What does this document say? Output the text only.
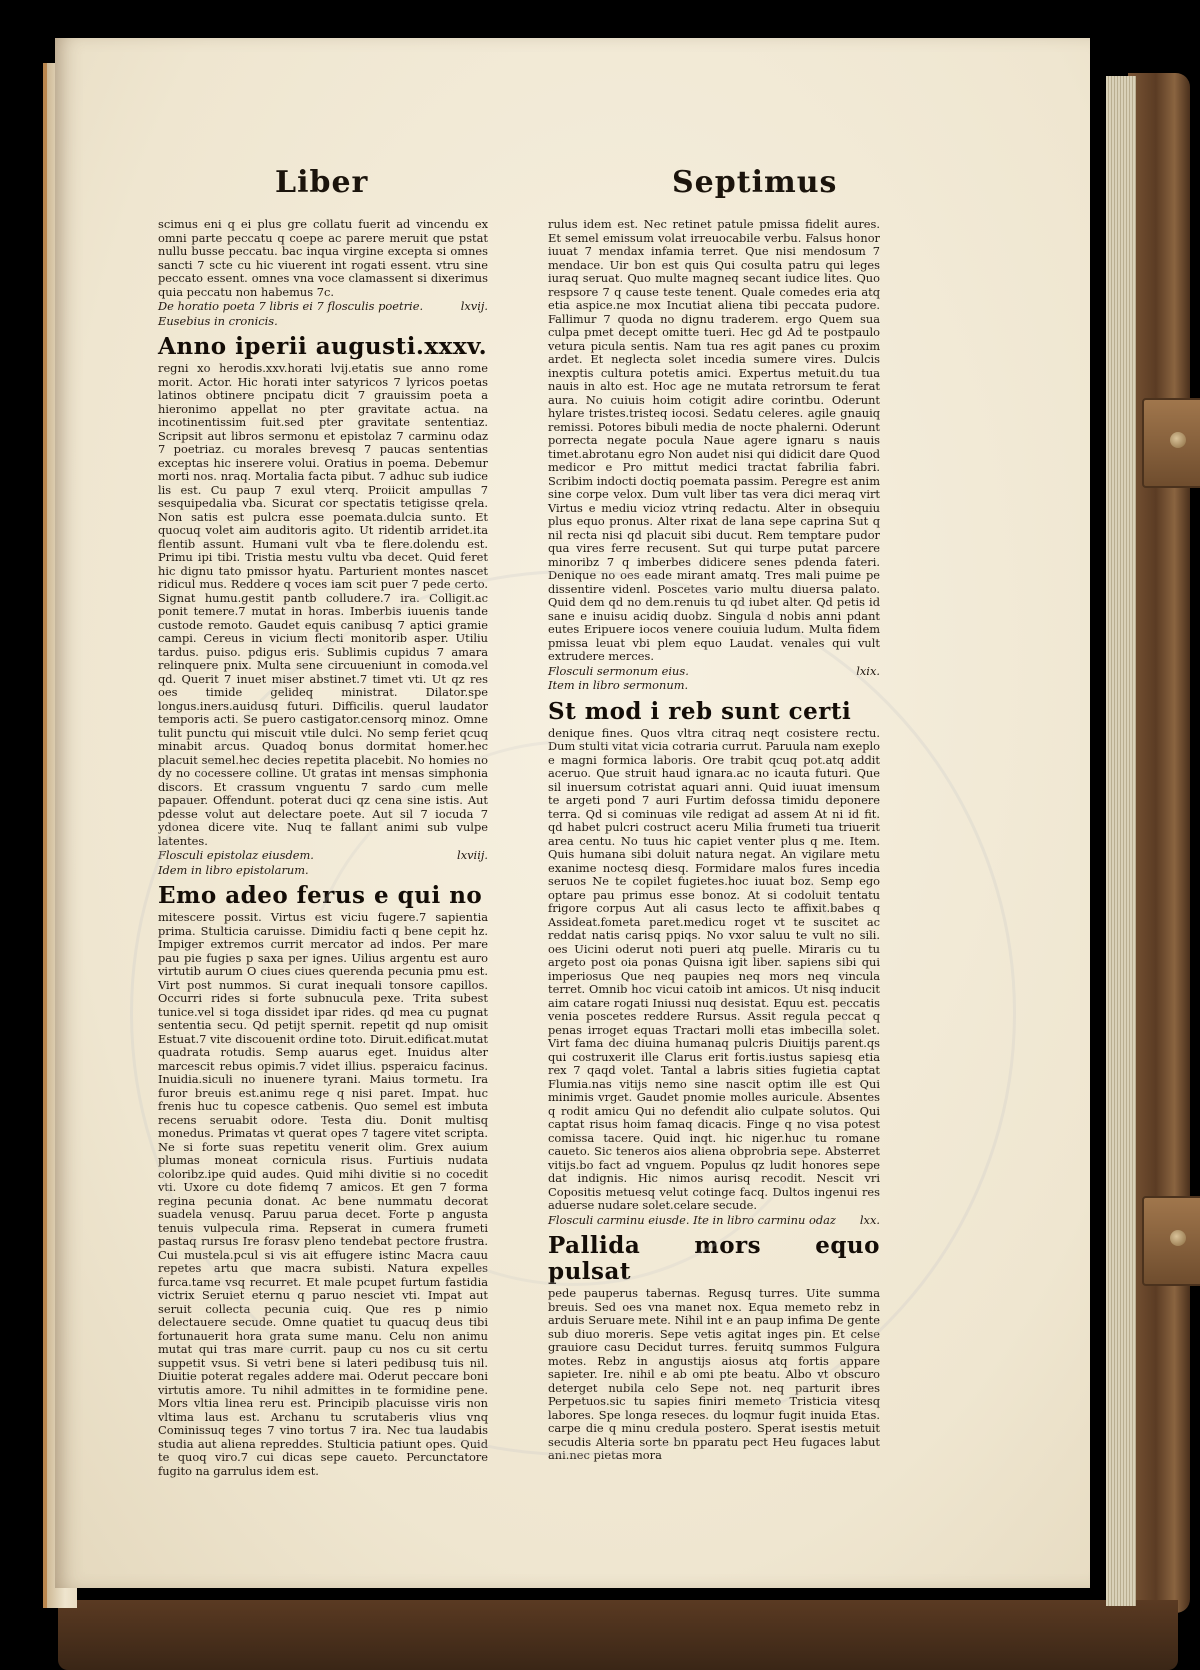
Liber	Septimus

scimus eni q ei plus gre collatu fuerit ad vincendu ex omni parte peccatu q coepe ac parere meruit que pstat nullu busse peccatu. bac inqua virgine excepta si omnes sancti 7 scte cu hic viuerent int rogati essent. vtru sine peccato essent. omnes vna voce clamassent si dixerimus quia peccatu non habemus 7c.

De horatio poeta 7 libris ei 7 flosculis poetrie.	lxvij.

Eusebius in cronicis.

Anno iperii augusti.xxxv.

regni xo herodis.xxv.horati lvij.etatis sue anno rome morit. Actor. Hic horati inter satyricos 7 lyricos poetas latinos obtinere pncipatu dicit 7 grauissim poeta a hieronimo appellat no pter gravitate actua. na incotinentissim fuit.sed pter gravitate sententiaz. Scripsit aut libros sermonu et epistolaz 7 carminu odaz 7 poetriaz. cu morales brevesq 7 paucas sententias exceptas hic inserere volui. Oratius in poema. Debemur morti nos. nraq. Mortalia facta pibut. 7 adhuc sub iudice lis est. Cu paup 7 exul vterq. Proiicit ampullas 7 sesquipedalia vba. Sicurat cor spectatis tetigisse qrela. Non satis est pulcra esse poemata.dulcia sunto. Et quocuq volet aim auditoris agito. Ut ridentib arridet.ita flentib assunt. Humani vult vba te flere.dolendu est. Primu ipi tibi. Tristia mestu vultu vba decet. Quid feret hic dignu tato pmissor hyatu. Parturient montes nascet ridicul mus. Reddere q voces iam scit puer 7 pede certo. Signat humu.gestit pantb colludere.7 ira. Colligit.ac ponit temere.7 mutat in horas. Imberbis iuuenis tande custode remoto. Gaudet equis canibusq 7 aptici gramie campi. Cereus in vicium flecti monitorib asper. Utiliu tardus. puiso. pdigus eris. Sublimis cupidus 7 amara relinquere pnix. Multa sene circuueniunt in comoda.vel qd. Querit 7 inuet miser abstinet.7 timet vti. Ut qz res oes timide gelideq ministrat. Dilator.spe longus.iners.auidusq futuri. Difficilis. querul laudator temporis acti. Se puero castigator.censorq minoz. Omne tulit punctu qui miscuit vtile dulci. No semp feriet qcuq minabit arcus. Quadoq bonus dormitat homer.hec placuit semel.hec decies repetita placebit. No homies no dy no cocessere colline. Ut gratas int mensas simphonia discors. Et crassum vnguentu 7 sardo cum melle papauer. Offendunt. poterat duci qz cena sine istis. Aut pdesse volut aut delectare poete. Aut sil 7 iocuda 7 ydonea dicere vite. Nuq te fallant animi sub vulpe latentes.

Flosculi epistolaz eiusdem.	lxviij.

Idem in libro epistolarum.

Emo adeo ferus e qui no

mitescere possit. Virtus est viciu fugere.7 sapientia prima. Stulticia caruisse. Dimidiu facti q bene cepit hz. Impiger extremos currit mercator ad indos. Per mare pau pie fugies p saxa per ignes. Uilius argentu est auro virtutib aurum O ciues ciues querenda pecunia pmu est. Virt post nummos. Si curat inequali tonsore capillos. Occurri rides si forte subnucula pexe. Trita subest tunice.vel si toga dissidet ipar rides. qd mea cu pugnat sententia secu. Qd petijt spernit. repetit qd nup omisit Estuat.7 vite discouenit ordine toto. Diruit.edificat.mutat quadrata rotudis. Semp auarus eget. Inuidus alter marcescit rebus opimis.7 videt illius. psperaicu facinus. Inuidia.siculi no inuenere tyrani. Maius tormetu. Ira furor breuis est.animu rege q nisi paret. Impat. huc frenis huc tu copesce catbenis. Quo semel est imbuta recens seruabit odore. Testa diu. Donit multisq monedus. Primatas vt querat opes 7 tagere vitet scripta. Ne si forte suas repetitu venerit olim. Grex auium plumas moneat cornicula risus. Furtiuis nudata coloribz.ipe quid audes. Quid mihi divitie si no cocedit vti. Uxore cu dote fidemq 7 amicos. Et gen 7 forma regina pecunia donat. Ac bene nummatu decorat suadela venusq. Paruu parua decet. Forte p angusta tenuis vulpecula rima. Repserat in cumera frumeti pastaq rursus Ire forasv pleno tendebat pectore frustra. Cui mustela.pcul si vis ait effugere istinc Macra cauu repetes artu que macra subisti. Natura expelles furca.tame vsq recurret. Et male pcupet furtum fastidia victrix Seruiet eternu q paruo nesciet vti. Impat aut seruit collecta pecunia cuiq. Que res p nimio delectauere secude. Omne quatiet tu quacuq deus tibi fortunauerit hora grata sume manu. Celu non animu mutat qui tras mare currit. paup cu nos cu sit certu suppetit vsus. Si vetri bene si lateri pedibusq tuis nil. Diuitie poterat regales addere mai. Oderut peccare boni virtutis amore. Tu nihil admittes in te formidine pene. Mors vltia linea reru est. Principib placuisse viris non vltima laus est. Archanu tu scrutaberis vlius vnq Cominissuq teges 7 vino tortus 7 ira. Nec tua laudabis studia aut aliena repreddes. Stulticia patiunt opes. Quid te quoq viro.7 cui dicas sepe caueto. Percunctatore fugito na garrulus idem est.

rulus idem est. Nec retinet patule pmissa fidelit aures. Et semel emissum volat irreuocabile verbu. Falsus honor iuuat 7 mendax infamia terret. Que nisi mendosum 7 mendace. Uir bon est quis Qui cosulta patru qui leges iuraq seruat. Quo multe magneq secant iudice lites. Quo respsore 7 q cause teste tenent. Quale comedes eria atq etia aspice.ne mox Incutiat aliena tibi peccata pudore. Fallimur 7 quoda no dignu traderem. ergo Quem sua culpa pmet decept omitte tueri. Hec gd Ad te postpaulo vetura picula sentis. Nam tua res agit panes cu proxim ardet. Et neglecta solet incedia sumere vires. Dulcis inexptis cultura potetis amici. Expertus metuit.du tua nauis in alto est. Hoc age ne mutata retrorsum te ferat aura. No cuiuis hoim cotigit adire corintbu. Oderunt hylare tristes.tristeq iocosi. Sedatu celeres. agile gnauiq remissi. Potores bibuli media de nocte phalerni. Oderunt porrecta negate pocula Naue agere ignaru s nauis timet.abrotanu egro Non audet nisi qui didicit dare Quod medicor e Pro mittut medici tractat fabrilia fabri. Scribim indocti doctiq poemata passim. Peregre est anim sine corpe velox. Dum vult liber tas vera dici meraq virt Virtus e mediu vicioz vtrinq redactu. Alter in obsequiu plus equo pronus. Alter rixat de lana sepe caprina Sut q nil recta nisi qd placuit sibi ducut. Rem temptare pudor qua vires ferre recusent. Sut qui turpe putat parcere minoribz 7 q imberbes didicere senes pdenda fateri. Denique no oes eade mirant amatq. Tres mali puime pe dissentire videnl. Poscetes vario multu diuersa palato. Quid dem qd no dem.renuis tu qd iubet alter. Qd petis id sane e inuisu acidiq duobz. Singula d nobis anni pdant eutes Eripuere iocos venere couiuia ludum. Multa fidem pmissa leuat vbi plem equo Laudat. venales qui vult extrudere merces.

Flosculi sermonum eius.	lxix.

Item in libro sermonum.

St mod i reb sunt certi

denique fines. Quos vltra citraq neqt cosistere rectu. Dum stulti vitat vicia cotraria currut. Paruula nam exeplo e magni formica laboris. Ore trabit qcuq pot.atq addit aceruo. Que struit haud ignara.ac no icauta futuri. Que sil inuersum cotristat aquari anni. Quid iuuat imensum te argeti pond 7 auri Furtim defossa timidu deponere terra. Qd si cominuas vile redigat ad assem At ni id fit. qd habet pulcri costruct aceru Milia frumeti tua triuerit area centu. No tuus hic capiet venter plus q me. Item. Quis humana sibi doluit natura negat. An vigilare metu exanime noctesq diesq. Formidare malos fures incedia seruos Ne te copilet fugietes.hoc iuuat boz. Semp ego optare pau primus esse bonoz. At si codoluit tentatu frigore corpus Aut ali casus lecto te affixit.babes q Assideat.fometa paret.medicu roget vt te suscitet ac reddat natis carisq ppiqs. No vxor saluu te vult no sili. oes Uicini oderut noti pueri atq puelle. Miraris cu tu argeto post oia ponas Quisna igit liber. sapiens sibi qui imperiosus Que neq paupies neq mors neq vincula terret. Omnib hoc vicui catoib int amicos. Ut nisq inducit aim catare rogati Iniussi nuq desistat. Equu est. peccatis venia poscetes reddere Rursus. Assit regula peccat q penas irroget equas Tractari molli etas imbecilla solet. Virt fama dec diuina humanaq pulcris Diuitijs parent.qs qui costruxerit ille Clarus erit fortis.iustus sapiesq etia rex 7 qaqd volet. Tantal a labris sities fugietia captat Flumia.nas vitijs nemo sine nascit optim ille est Qui minimis vrget. Gaudet pnomie molles auricule. Absentes q rodit amicu Qui no defendit alio culpate solutos. Qui captat risus hoim famaq dicacis. Finge q no visa potest comissa tacere. Quid inqt. hic niger.huc tu romane caueto. Sic teneros aios aliena obprobria sepe. Absterret vitijs.bo fact ad vnguem. Populus qz ludit honores sepe dat indignis. Hic nimos aurisq recodit. Nescit vri Copositis metuesq velut cotinge facq. Dultos ingenui res aduerse nudare solet.celare secude.

Flosculi carminu eiusde. Ite in libro carminu odaz lxx.

Pallida mors equo pulsat

pede pauperus tabernas. Regusq turres. Uite summa breuis. Sed oes vna manet nox. Equa memeto rebz in arduis Seruare mete. Nihil int e an paup infima De gente sub diuo moreris. Sepe vetis agitat inges pin. Et celse grauiore casu Decidut turres. feruitq summos Fulgura motes. Rebz in angustijs aiosus atq fortis appare sapieter. Ire. nihil e ab omi pte beatu. Albo vt obscuro deterget nubila celo Sepe not. neq parturit ibres Perpetuos.sic tu sapies finiri memeto Tristicia vitesq labores. Spe longa reseces. du loqmur fugit inuida Etas. carpe die q minu credula postero. Sperat isestis metuit secudis Alteria sorte bn pparatu pect Heu fugaces labut ani.nec pietas mora
